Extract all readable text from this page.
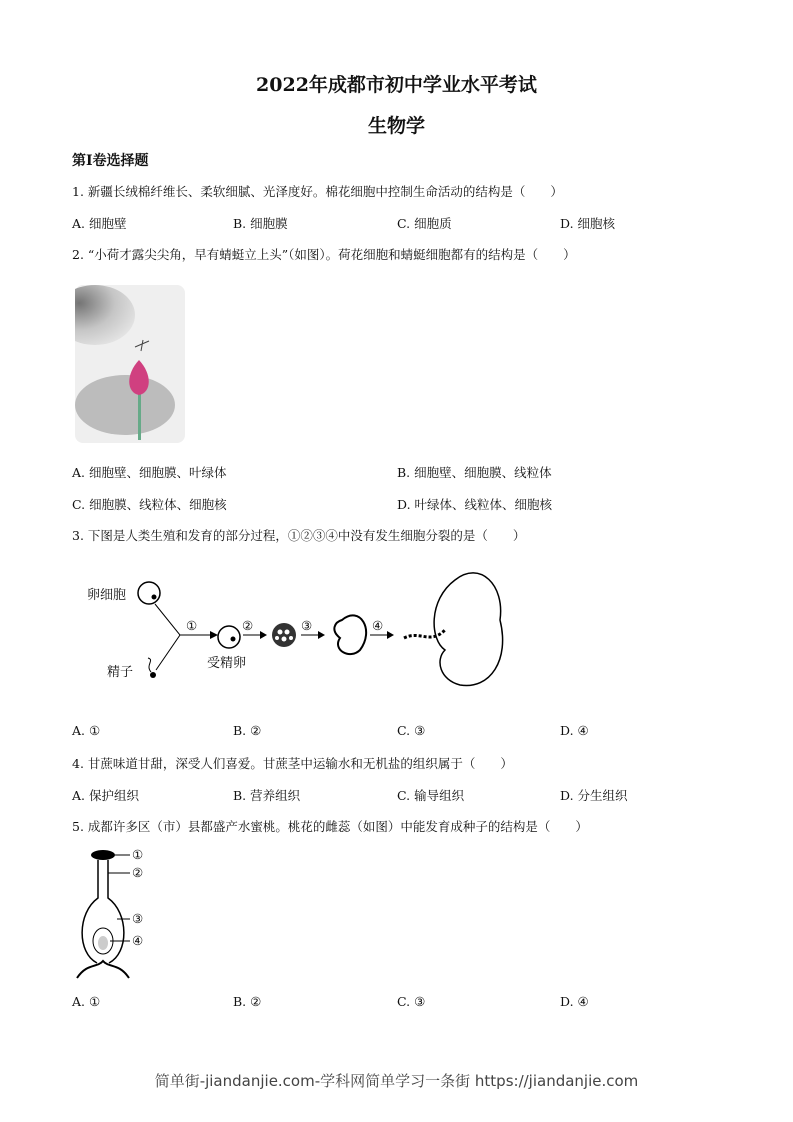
2022年成都市初中学业水平考试
生物学
第Ⅰ卷选择题
1. 新疆长绒棉纤维长、柔软细腻、光泽度好。棉花细胞中控制生命活动的结构是（　　）
A. 细胞壁	B. 细胞膜	C. 细胞质	D. 细胞核
2. “小荷才露尖尖角，早有蜻蜓立上头”（如图）。荷花细胞和蜻蜓细胞都有的结构是（　　）
A. 细胞壁、细胞膜、叶绿体	B. 细胞壁、细胞膜、线粒体
C. 细胞膜、线粒体、细胞核	D. 叶绿体、线粒体、细胞核
3. 下图是人类生殖和发育的部分过程，①②③④中没有发生细胞分裂的是（　　）
卵细胞
精子
受精卵
①	②	③	④
A. ①	B. ②	C. ③	D. ④
4. 甘蔗味道甘甜，深受人们喜爱。甘蔗茎中运输水和无机盐的组织属于（　　）
A. 保护组织	B. 营养组织	C. 输导组织	D. 分生组织
5. 成都许多区（市）县都盛产水蜜桃。桃花的雌蕊（如图）中能发育成种子的结构是（　　）
①
②
③
④
A. ①	B. ②	C. ③	D. ④
简单街-jiandanjie.com-学科网简单学习一条街 https://jiandanjie.com
